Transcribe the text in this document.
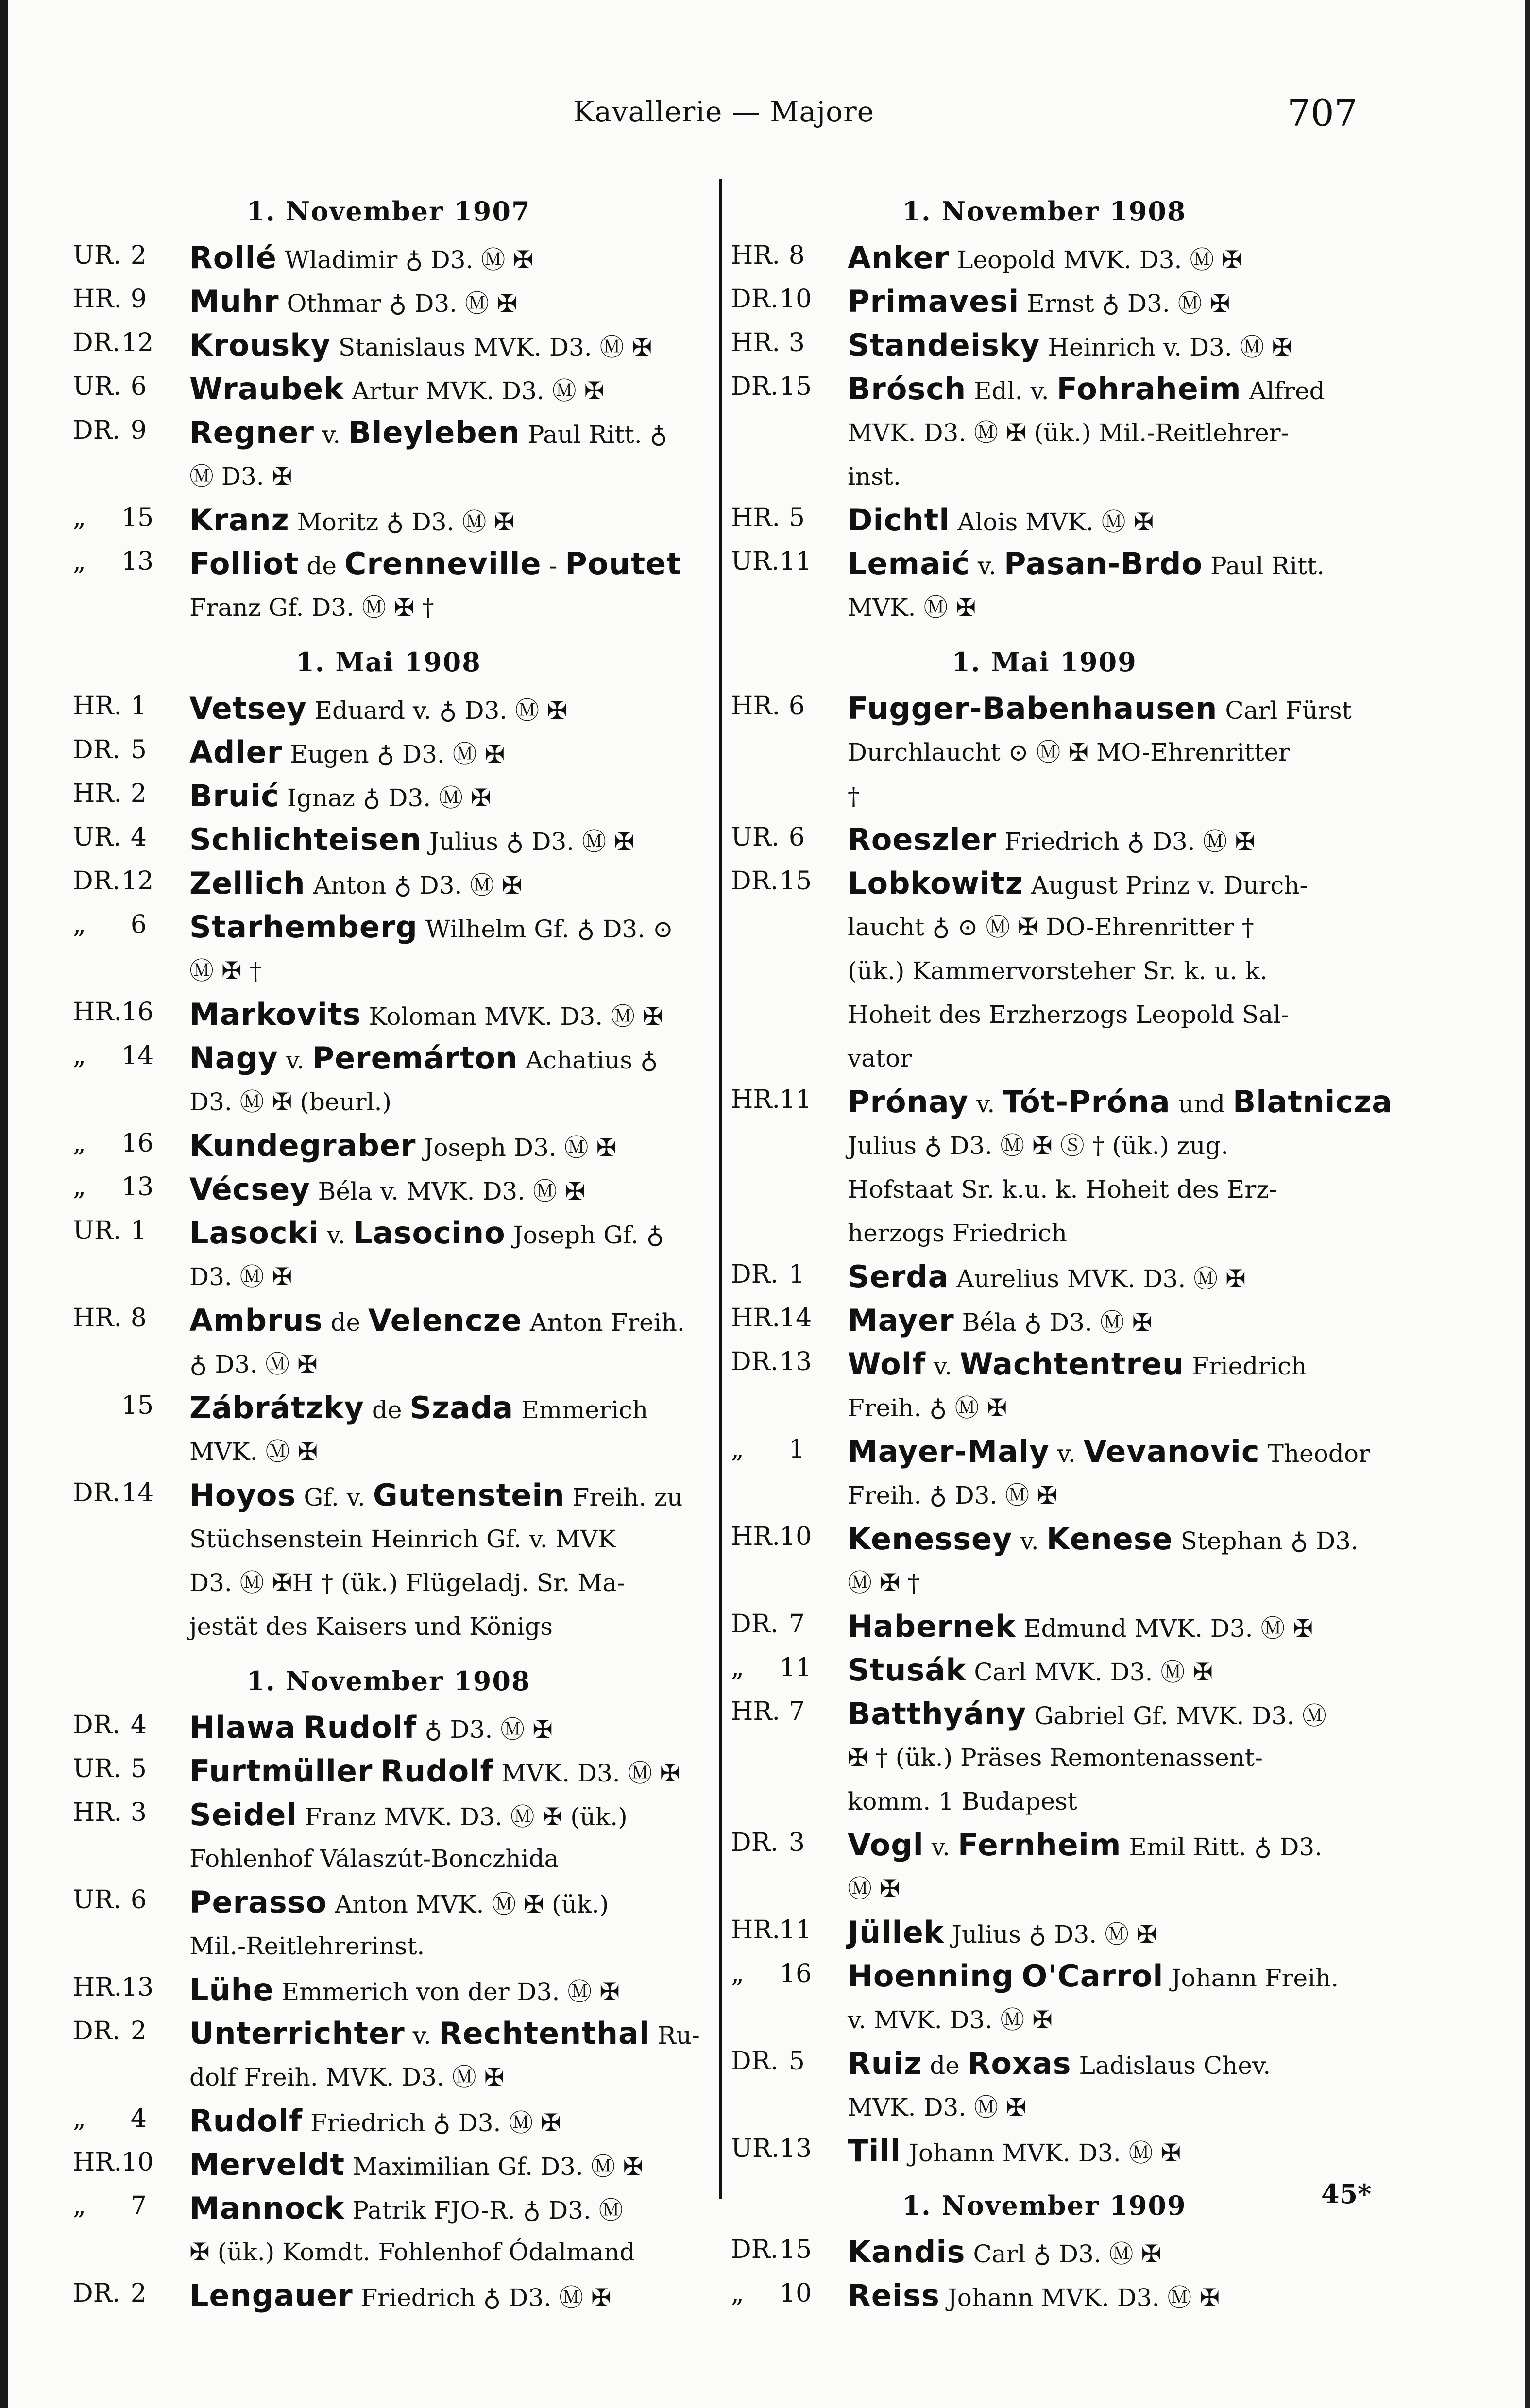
Kavallerie — Majore	707
1. November 1907
UR. 2 Rollé Wladimir ♁ D3. Ⓜ ✠
HR. 9 Muhr Othmar ♁ D3. Ⓜ ✠
DR.12 Krousky Stanislaus MVK. D3. Ⓜ ✠
UR. 6 Wraubek Artur MVK. D3. Ⓜ ✠
DR. 9 Regner v. Bleyleben Paul Ritt. ♁
Ⓜ D3. ✠
„ 15 Kranz Moritz ♁ D3. Ⓜ ✠
„ 13 Folliot de Crenneville - Poutet
Franz Gf. D3. Ⓜ ✠ †
1. Mai 1908
HR. 1 Vetsey Eduard v. ♁ D3. Ⓜ ✠
DR. 5 Adler Eugen ♁ D3. Ⓜ ✠
HR. 2 Bruić Ignaz ♁ D3. Ⓜ ✠
UR. 4 Schlichteisen Julius ♁ D3. Ⓜ ✠
DR.12 Zellich Anton ♁ D3. Ⓜ ✠
„ 6 Starhemberg Wilhelm Gf. ♁ D3. ⊙
Ⓜ ✠ †
HR.16 Markovits Koloman MVK. D3. Ⓜ ✠
„ 14 Nagy v. Peremárton Achatius ♁
D3. Ⓜ ✠ (beurl.)
„ 16 Kundegraber Joseph D3. Ⓜ ✠
„ 13 Vécsey Béla v. MVK. D3. Ⓜ ✠
UR. 1 Lasocki v. Lasocino Joseph Gf. ♁
D3. Ⓜ ✠
HR. 8 Ambrus de Velencze Anton Freih.
♁ D3. Ⓜ ✠
15 Zábrátzky de Szada Emmerich
MVK. Ⓜ ✠
DR.14 Hoyos Gf. v. Gutenstein Freih. zu
Stüchsenstein Heinrich Gf. v. MVK
D3. Ⓜ ✠H † (ük.) Flügeladj. Sr. Ma-
jestät des Kaisers und Königs
1. November 1908
DR. 4 Hlawa Rudolf ♁ D3. Ⓜ ✠
UR. 5 Furtmüller Rudolf MVK. D3. Ⓜ ✠
HR. 3 Seidel Franz MVK. D3. Ⓜ ✠ (ük.)
Fohlenhof Válaszút-Bonczhida
UR. 6 Perasso Anton MVK. Ⓜ ✠ (ük.)
Mil.-Reitlehrerinst.
HR.13 Lühe Emmerich von der D3. Ⓜ ✠
DR. 2 Unterrichter v. Rechtenthal Ru-
dolf Freih. MVK. D3. Ⓜ ✠
„ 4 Rudolf Friedrich ♁ D3. Ⓜ ✠
HR.10 Merveldt Maximilian Gf. D3. Ⓜ ✠
„ 7 Mannock Patrik FJO-R. ♁ D3. Ⓜ
✠ (ük.) Komdt. Fohlenhof Ódalmand
DR. 2 Lengauer Friedrich ♁ D3. Ⓜ ✠
1. November 1908
HR. 8 Anker Leopold MVK. D3. Ⓜ ✠
DR.10 Primavesi Ernst ♁ D3. Ⓜ ✠
HR. 3 Standeisky Heinrich v. D3. Ⓜ ✠
DR.15 Brósch Edl. v. Fohraheim Alfred
MVK. D3. Ⓜ ✠ (ük.) Mil.-Reitlehrer-
inst.
HR. 5 Dichtl Alois MVK. Ⓜ ✠
UR.11 Lemaić v. Pasan-Brdo Paul Ritt.
MVK. Ⓜ ✠
1. Mai 1909
HR. 6 Fugger-Babenhausen Carl Fürst
Durchlaucht ⊙ Ⓜ ✠ MO-Ehrenritter
†
UR. 6 Roeszler Friedrich ♁ D3. Ⓜ ✠
DR.15 Lobkowitz August Prinz v. Durch-
laucht ♁ ⊙ Ⓜ ✠ DO-Ehrenritter †
(ük.) Kammervorsteher Sr. k. u. k.
Hoheit des Erzherzogs Leopold Sal-
vator
HR.11 Prónay v. Tót-Próna und Blatnicza
Julius ♁ D3. Ⓜ ✠ Ⓢ † (ük.) zug.
Hofstaat Sr. k.u. k. Hoheit des Erz-
herzogs Friedrich
DR. 1 Serda Aurelius MVK. D3. Ⓜ ✠
HR.14 Mayer Béla ♁ D3. Ⓜ ✠
DR.13 Wolf v. Wachtentreu Friedrich
Freih. ♁ Ⓜ ✠
„ 1 Mayer-Maly v. Vevanovic Theodor
Freih. ♁ D3. Ⓜ ✠
HR.10 Kenessey v. Kenese Stephan ♁ D3.
Ⓜ ✠ †
DR. 7 Habernek Edmund MVK. D3. Ⓜ ✠
„ 11 Stusák Carl MVK. D3. Ⓜ ✠
HR. 7 Batthyány Gabriel Gf. MVK. D3. Ⓜ
✠ † (ük.) Präses Remontenassent-
komm. 1 Budapest
DR. 3 Vogl v. Fernheim Emil Ritt. ♁ D3.
Ⓜ ✠
HR.11 Jüllek Julius ♁ D3. Ⓜ ✠
„ 16 Hoenning O'Carrol Johann Freih.
v. MVK. D3. Ⓜ ✠
DR. 5 Ruiz de Roxas Ladislaus Chev.
MVK. D3. Ⓜ ✠
UR.13 Till Johann MVK. D3. Ⓜ ✠
1. November 1909
DR.15 Kandis Carl ♁ D3. Ⓜ ✠
„ 10 Reiss Johann MVK. D3. Ⓜ ✠
45*
